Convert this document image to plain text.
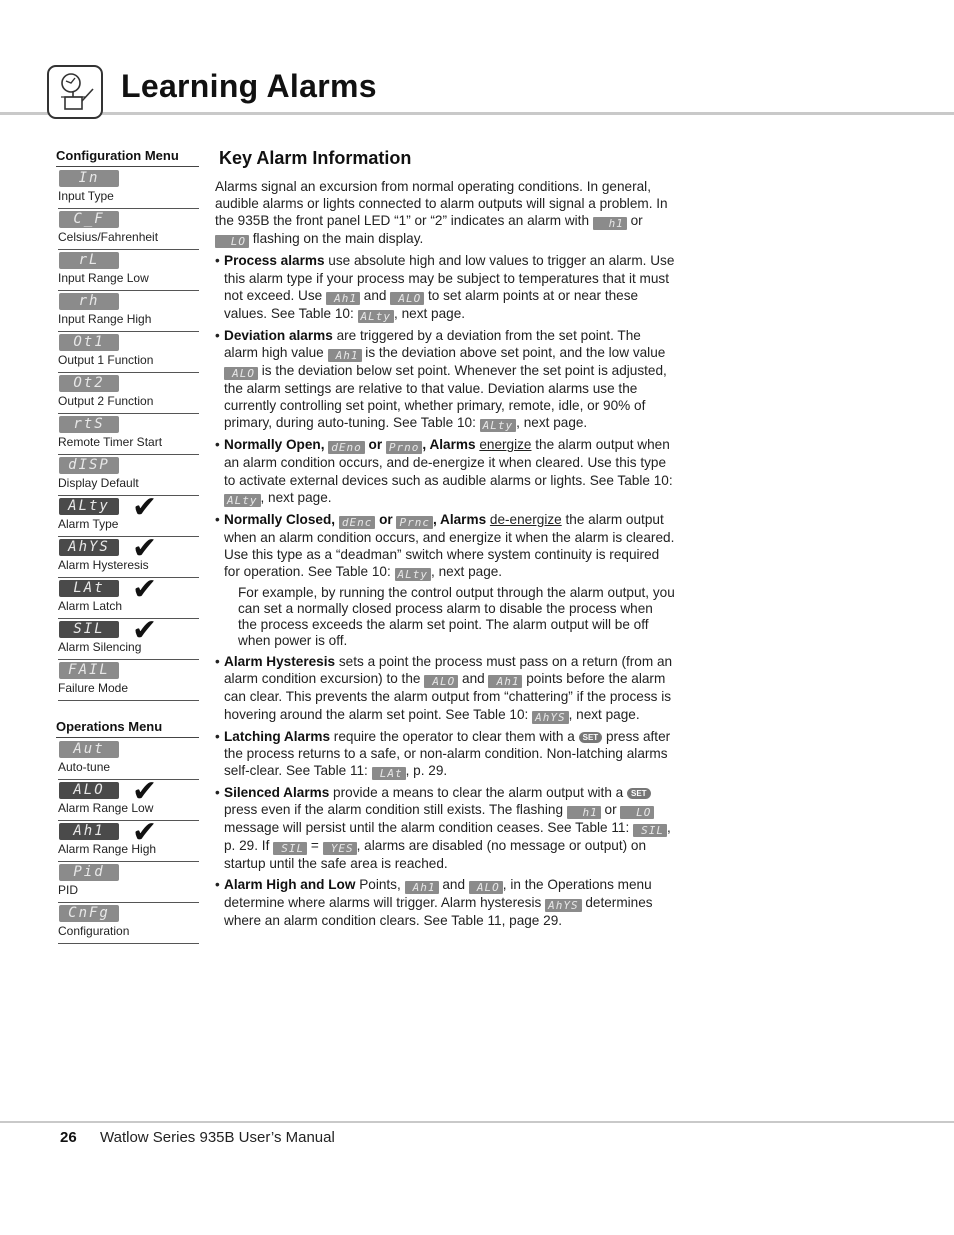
Learning Alarms
Configuration Menu
In
Input Type
C_F
Celsius/Fahrenheit
rL
Input Range Low
rh
Input Range High
Ot1
Output 1 Function
Ot2
Output 2 Function
rtS
Remote Timer Start
dISP
Display Default
ALty ✔
Alarm Type
AhYS ✔
Alarm Hysteresis
LAt ✔
Alarm Latch
SIL ✔
Alarm Silencing
FAIL
Failure Mode
Operations Menu
Aut
Auto-tune
ALO ✔
Alarm Range Low
Ah1 ✔
Alarm Range High
Pid
PID
CnFg
Configuration
Key Alarm Information

Alarms signal an excursion from normal operating conditions. In general, audible alarms or lights connected to alarm outputs will signal a problem. In the 935B the front panel LED “1” or “2” indicates an alarm with h1 or LO flashing on the main display.

• Process alarms use absolute high and low values to trigger an alarm. Use this alarm type if your process may be subject to temperatures that it must not exceed. Use Ah1 and ALO to set alarm points at or near these values. See Table 10: ALty , next page.
• Deviation alarms are triggered by a deviation from the set point. The alarm high value Ah1 is the deviation above set point, and the low value ALO is the deviation below set point. Whenever the set point is adjusted, the alarm settings are relative to that value. Deviation alarms use the currently controlling set point, whether primary, remote, idle, or 90% of primary, during auto-tuning. See Table 10: ALty , next page.
• Normally Open, dEno or Prno , Alarms energize the alarm output when an alarm condition occurs, and de-energize it when cleared. Use this type to activate external devices such as audible alarms or lights. See Table 10: ALty , next page.
• Normally Closed, dEnc or Prnc , Alarms de-energize the alarm output when an alarm condition occurs, and energize it when the alarm is cleared. Use this type as a “deadman” switch where system continuity is required for operation. See Table 10: ALty , next page.

For example, by running the control output through the alarm output, you can set a normally closed process alarm to disable the process when the process exceeds the alarm set point. The alarm output will be off when power is off.

• Alarm Hysteresis sets a point the process must pass on a return (from an alarm condition excursion) to the ALO and Ah1 points before the alarm can clear. This prevents the alarm output from “chattering” if the process is hovering around the alarm set point. See Table 10: AhYS , next page.
• Latching Alarms require the operator to clear them with a SET press after the process returns to a safe, or non-alarm condition. Non-latching alarms self-clear. See Table 11: LAt , p. 29.
• Silenced Alarms provide a means to clear the alarm output with a SET press even if the alarm condition still exists. The flashing h1 or LO message will persist until the alarm condition ceases. See Table 11: SIL , p. 29. If SIL = YES , alarms are disabled (no message or output) on startup until the safe area is reached.
• Alarm High and Low Points, Ah1 and ALO , in the Operations menu determine where alarms will trigger. Alarm hysteresis AhYS determines where an alarm condition clears. See Table 11, page 29.
26 Watlow Series 935B User’s Manual
